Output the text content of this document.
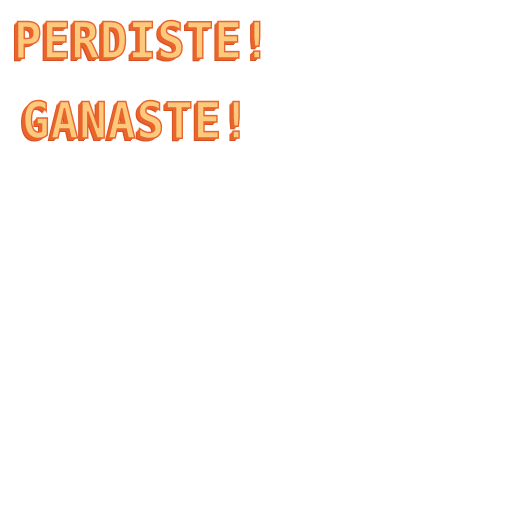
PERDISTE!
GANASTE!
